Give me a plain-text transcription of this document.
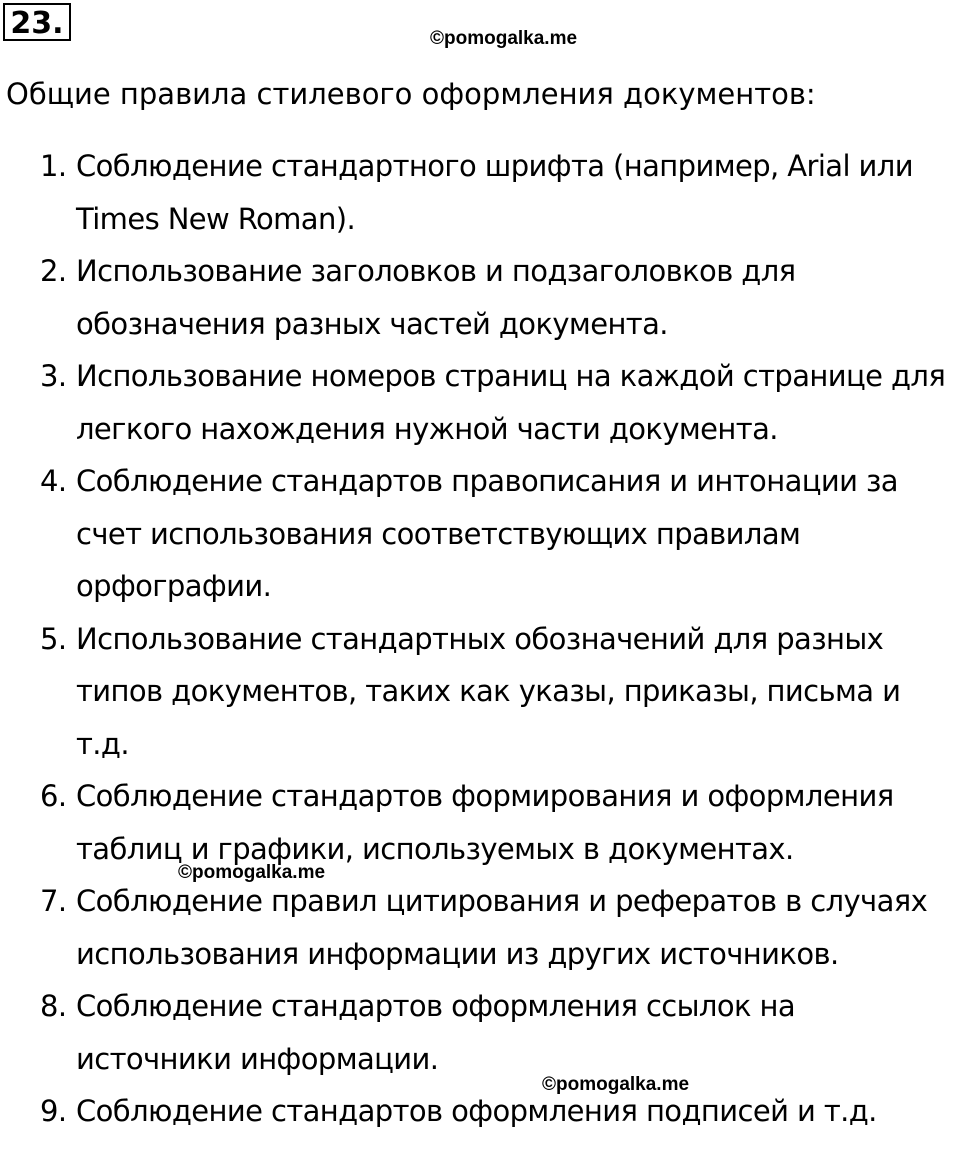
23.	©pomogalka.me
Общие правила стилевого оформления документов:
1. Соблюдение стандартного шрифта (например, Arial или Times New Roman).
2. Использование заголовков и подзаголовков для обозначения разных частей документа.
3. Использование номеров страниц на каждой странице для легкого нахождения нужной части документа.
4. Соблюдение стандартов правописания и интонации за счет использования соответствующих правилам орфографии.
5. Использование стандартных обозначений для разных типов документов, таких как указы, приказы, письма и т.д.
6. Соблюдение стандартов формирования и оформления таблиц и графики, используемых в документах.
7. Соблюдение правил цитирования и рефератов в случаях использования информации из других источников.
8. Соблюдение стандартов оформления ссылок на источники информации.
9. Соблюдение стандартов оформления подписей и т.д.
©pomogalka.me
©pomogalka.me
